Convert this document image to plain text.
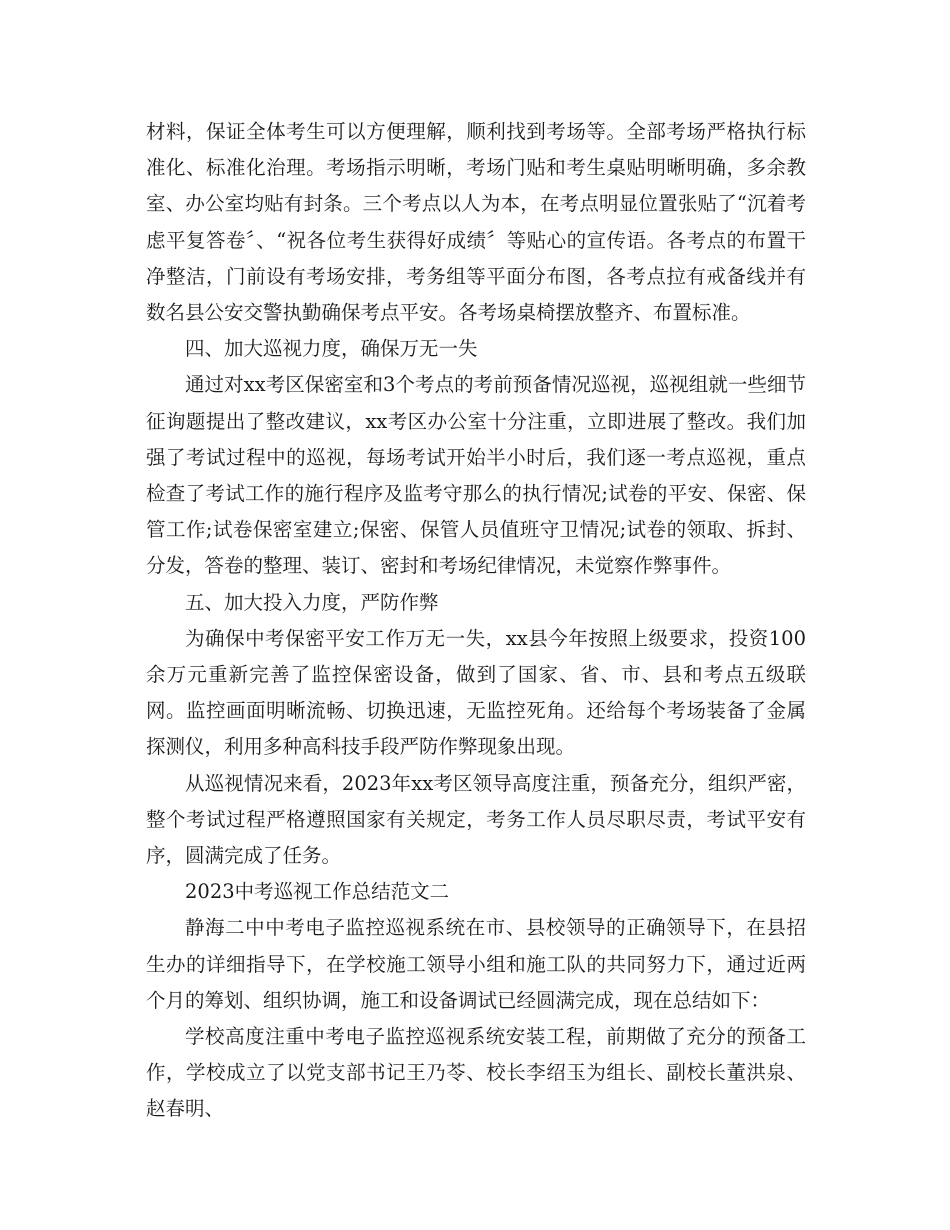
材料，保证全体考生可以方便理解，顺利找到考场等。全部考场严格执行标准化、标准化治理。考场指示明晰，考场门贴和考生桌贴明晰明确，多余教室、办公室均贴有封条。三个考点以人为本，在考点明显位置张贴了“沉着考虑平复答卷〞、“祝各位考生获得好成绩〞等贴心的宣传语。各考点的布置干净整洁，门前设有考场安排，考务组等平面分布图，各考点拉有戒备线并有数名县公安交警执勤确保考点平安。各考场桌椅摆放整齐、布置标准。

四、加大巡视力度，确保万无一失

通过对xx考区保密室和3个考点的考前预备情况巡视，巡视组就一些细节征询题提出了整改建议，xx考区办公室十分注重，立即进展了整改。我们加强了考试过程中的巡视，每场考试开始半小时后，我们逐一考点巡视，重点检查了考试工作的施行程序及监考守那么的执行情况;试卷的平安、保密、保管工作;试卷保密室建立;保密、保管人员值班守卫情况;试卷的领取、拆封、分发，答卷的整理、装订、密封和考场纪律情况，未觉察作弊事件。

五、加大投入力度，严防作弊

为确保中考保密平安工作万无一失，xx县今年按照上级要求，投资100余万元重新完善了监控保密设备，做到了国家、省、市、县和考点五级联网。监控画面明晰流畅、切换迅速，无监控死角。还给每个考场装备了金属探测仪，利用多种高科技手段严防作弊现象出现。

从巡视情况来看，2023年xx考区领导高度注重，预备充分，组织严密，整个考试过程严格遵照国家有关规定，考务工作人员尽职尽责，考试平安有序，圆满完成了任务。

2023中考巡视工作总结范文二

静海二中中考电子监控巡视系统在市、县校领导的正确领导下，在县招生办的详细指导下，在学校施工领导小组和施工队的共同努力下，通过近两个月的筹划、组织协调，施工和设备调试已经圆满完成，现在总结如下：

学校高度注重中考电子监控巡视系统安装工程，前期做了充分的预备工作，学校成立了以党支部书记王乃苓、校长李绍玉为组长、副校长董洪泉、赵春明、
